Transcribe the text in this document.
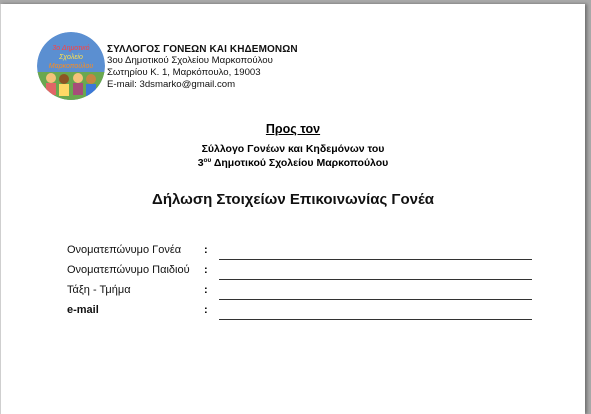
3ο Δημοτικό
Σχολείο
Μαρκοπούλου
ΣΥΛΛΟΓΟΣ ΓΟΝΕΩΝ ΚΑΙ ΚΗΔΕΜΟΝΩΝ
3ου Δημοτικού Σχολείου Μαρκοπούλου
Σωτηρίου Κ. 1, Μαρκόπουλο, 19003
E-mail: 3dsmarko@gmail.com
Προς τον
Σύλλογο Γονέων και Κηδεμόνων του
$3^{o\upsilon}$ Δημοτικού Σχολείου Μαρκοπούλου
Δήλωση Στοιχείων Επικοινωνίας Γονέα
Ονοματεπώνυμο Γονέα :
Ονοματεπώνυμο Παιδιού :
Τάξη - Τμήμα	:
e-mail	:
